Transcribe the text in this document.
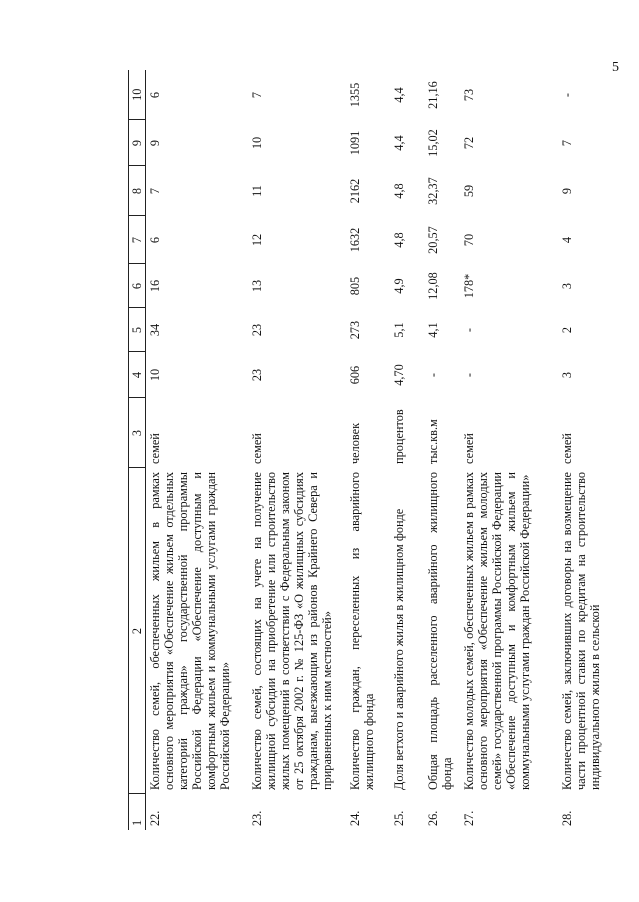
5
1	2	3	4	5	6	7	8	9	10
22.	Количество семей, обеспеченных жильем в рамках основного мероприятия «Обеспечение жильем отдельных категорий граждан» государственной программы Российской Федерации «Обеспечение доступным и комфортным жильем и коммунальными услугами граждан Российской Федерации»	семей	10	34	16	6	7	9	6
23.	Количество семей, состоящих на учете на получение жилищной субсидии на приобретение или строительство жилых помещений в соответствии с Федеральным законом от 25 октября 2002 г. № 125-ФЗ «О жилищных субсидиях гражданам, выезжающим из районов Крайнего Севера и приравненных к ним местностей»	семей	23	23	13	12	11	10	7
24.	Количество граждан, переселенных из аварийного жилищного фонда	человек	606	273	805	1632	2162	1091	1355
25.	Доля ветхого и аварийного жилья в жилищном фонде	процентов	4,70	5,1	4,9	4,8	4,8	4,4	4,4
26.	Общая площадь расселенного аварийного жилищного фонда	тыс.кв.м	-	4,1	12,08	20,57	32,37	15,02	21,16
27.	Количество молодых семей, обеспеченных жильем в рамках основного мероприятия «Обеспечение жильем молодых семей» государственной программы Российской Федерации «Обеспечение доступным и комфортным жильем и коммунальными услугами граждан Российской Федерации»	семей	-	-	178*	70	59	72	73
28.	Количество семей, заключивших договоры на возмещение части процентной ставки по кредитам на строительство индивидуального жилья в сельской	семей	3	2	3	4	9	7	-
